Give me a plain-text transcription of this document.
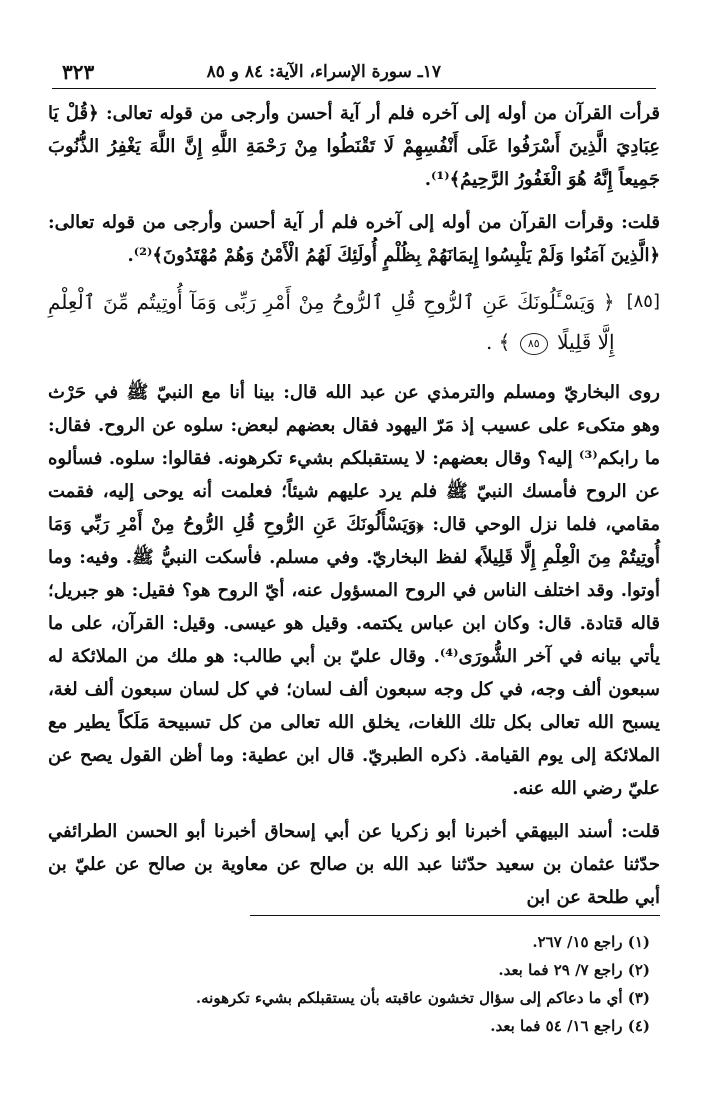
١٧ـ سورة الإسراء، الآية: ٨٤ و ٨٥
٣٢٣

قرأت القرآن من أوله إلى آخره فلم أر آية أحسن وأرجى من قوله تعالى: ﴿قُلْ يَا عِبَادِيَ الَّذِينَ أَسْرَفُوا عَلَى أَنْفُسِهِمْ لَا تَقْنَطُوا مِنْ رَحْمَةِ اللَّهِ إِنَّ اللَّهَ يَغْفِرُ الذُّنُوبَ جَمِيعاً إِنَّهُ هُوَ الْغَفُورُ الرَّحِيمُ﴾⁽¹⁾.

قلت: وقرأت القرآن من أوله إلى آخره فلم أر آية أحسن وأرجى من قوله تعالى: ﴿الَّذِينَ آمَنُوا وَلَمْ يَلْبِسُوا إِيمَانَهُمْ بِظُلْمٍ أُولَئِكَ لَهُمُ الْأَمْنُ وَهُمْ مُهْتَدُونَ﴾⁽²⁾.

[٨٥]
﴿ وَيَسْـَٔلُونَكَ عَنِ ٱلرُّوحِ قُلِ ٱلرُّوحُ مِنْ أَمْرِ رَبِّى وَمَآ أُوتِيتُم مِّنَ ٱلْعِلْمِ إِلَّا قَلِيلًا ٨٥ ﴾ .

روى البخاريّ ومسلم والترمذي عن عبد الله قال: بينا أنا مع النبيّ ﷺ في حَرْث وهو متكىء على عسيب إذ مَرّ اليهود فقال بعضهم لبعض: سلوه عن الروح. فقال: ما رابكم⁽³⁾ إليه؟ وقال بعضهم: لا يستقبلكم بشيء تكرهونه. فقالوا: سلوه. فسألوه عن الروح فأمسك النبيّ ﷺ فلم يرد عليهم شيئاً؛ فعلمت أنه يوحى إليه، فقمت مقامي، فلما نزل الوحي قال: ﴿وَيَسْأَلُونَكَ عَنِ الرُّوحِ قُلِ الرُّوحُ مِنْ أَمْرِ رَبِّي وَمَا أُوتِيتُمْ مِنَ الْعِلْمِ إِلَّا قَلِيلاً﴾ لفظ البخاريّ. وفي مسلم. فأسكت النبيُّ ﷺ. وفيه: وما أوتوا. وقد اختلف الناس في الروح المسؤول عنه، أيّ الروح هو؟ فقيل: هو جبريل؛ قاله قتادة. قال: وكان ابن عباس يكتمه. وقيل هو عيسى. وقيل: القرآن، على ما يأتي بيانه في آخر الشُّورَى⁽⁴⁾. وقال عليّ بن أبي طالب: هو ملك من الملائكة له سبعون ألف وجه، في كل وجه سبعون ألف لسان؛ في كل لسان سبعون ألف لغة، يسبح الله تعالى بكل تلك اللغات، يخلق الله تعالى من كل تسبيحة مَلَكاً يطير مع الملائكة إلى يوم القيامة. ذكره الطبريّ. قال ابن عطية: وما أظن القول يصح عن عليّ رضي الله عنه.

قلت: أسند البيهقي أخبرنا أبو زكريا عن أبي إسحاق أخبرنا أبو الحسن الطرائفي حدّثنا عثمان بن سعيد حدّثنا عبد الله بن صالح عن معاوية بن صالح عن عليّ بن أبي طلحة عن ابن

(١) راجع ١٥/ ٢٦٧.
(٢) راجع ٧/ ٢٩ فما بعد.
(٣) أي ما دعاكم إلى سؤال تخشون عاقبته بأن يستقبلكم بشيء تكرهونه.
(٤) راجع ١٦/ ٥٤ فما بعد.
